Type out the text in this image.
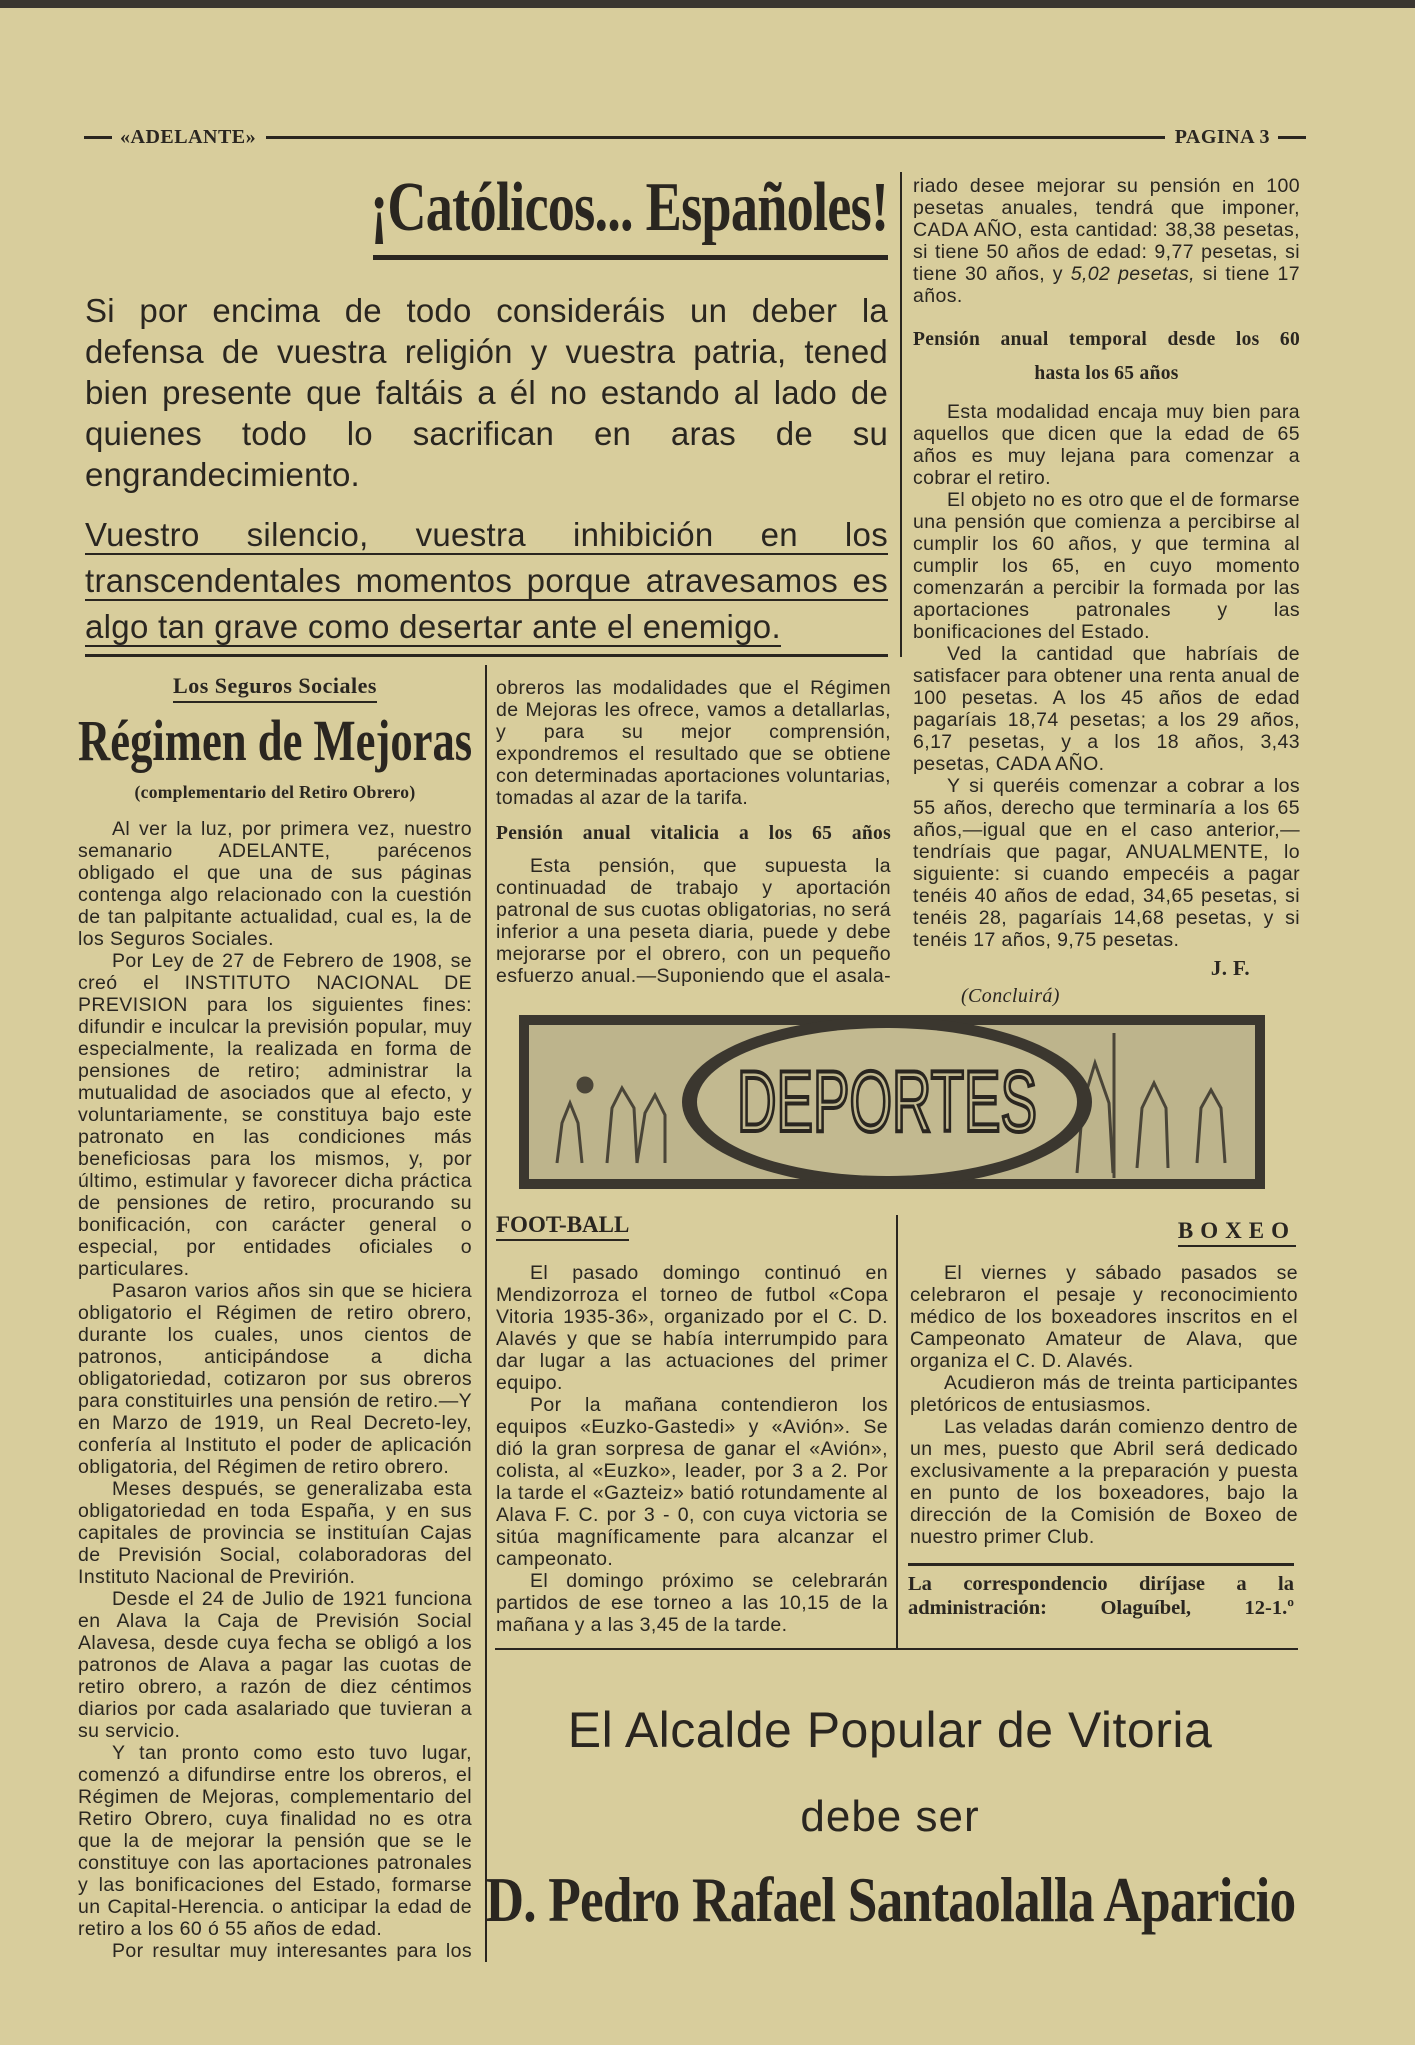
«ADELANTE»	PAGINA 3
¡Católicos... Españoles!
Si por encima de todo consideráis un deber la defensa de vuestra religión y vuestra patria, tened bien presente que faltáis a él no estando al lado de quienes todo lo sacrifican en aras de su engrandecimiento.
Vuestro silencio, vuestra inhibición en los transcendentales momentos porque atravesamos es algo tan grave como desertar ante el enemigo.
Los Seguros Sociales
Régimen de Mejoras
(complementario del Retiro Obrero)

Al ver la luz, por primera vez, nuestro semanario ADELANTE, parécenos obligado el que una de sus páginas contenga algo relacionado con la cuestión de tan palpitante actualidad, cual es, la de los Seguros Sociales.

Por Ley de 27 de Febrero de 1908, se creó el INSTITUTO NACIONAL DE PREVISION para los siguientes fines: difundir e inculcar la previsión popular, muy especialmente, la realizada en forma de pensiones de retiro; administrar la mutualidad de asociados que al efecto, y voluntariamente, se constituya bajo este patronato en las condiciones más beneficiosas para los mismos, y, por último, estimular y favorecer dicha práctica de pensiones de retiro, procurando su bonificación, con carácter general o especial, por entidades oficiales o particulares.

Pasaron varios años sin que se hiciera obligatorio el Régimen de retiro obrero, durante los cuales, unos cientos de patronos, anticipándose a dicha obligatoriedad, cotizaron por sus obreros para constituirles una pensión de retiro.—Y en Marzo de 1919, un Real Decreto-ley, confería al Instituto el poder de aplicación obligatoria, del Régimen de retiro obrero.

Meses después, se generalizaba esta obligatoriedad en toda España, y en sus capitales de provincia se instituían Cajas de Previsión Social, colaboradoras del Instituto Nacional de Previrión.

Desde el 24 de Julio de 1921 funciona en Alava la Caja de Previsión Social Alavesa, desde cuya fecha se obligó a los patronos de Alava a pagar las cuotas de retiro obrero, a razón de diez céntimos diarios por cada asalariado que tuvieran a su servicio.

Y tan pronto como esto tuvo lugar, comenzó a difundirse entre los obreros, el Régimen de Mejoras, complementario del Retiro Obrero, cuya finalidad no es otra que la de mejorar la pensión que se le constituye con las aportaciones patronales y las bonificaciones del Estado, formarse un Capital-Herencia. o anticipar la edad de retiro a los 60 ó 55 años de edad.

Por resultar muy interesantes para los

obreros las modalidades que el Régimen de Mejoras les ofrece, vamos a detallarlas, y para su mejor comprensión, expondremos el resultado que se obtiene con determinadas aportaciones voluntarias, tomadas al azar de la tarifa.

Pensión anual vitalicia a los 65 años

Esta pensión, que supuesta la continuadad de trabajo y aportación patronal de sus cuotas obligatorias, no será inferior a una peseta diaria, puede y debe mejorarse por el obrero, con un pequeño esfuerzo anual.—Suponiendo que el asala-

riado desee mejorar su pensión en 100 pesetas anuales, tendrá que imponer, CADA AÑO, esta cantidad: 38,38 pesetas, si tiene 50 años de edad: 9,77 pesetas, si tiene 30 años, y 5,02 pesetas, si tiene 17 años.

Pensión anual temporal desde los 60
hasta los 65 años

Esta modalidad encaja muy bien para aquellos que dicen que la edad de 65 años es muy lejana para comenzar a cobrar el retiro.

El objeto no es otro que el de formarse una pensión que comienza a percibirse al cumplir los 60 años, y que termina al cumplir los 65, en cuyo momento comenzarán a percibir la formada por las aportaciones patronales y las bonificaciones del Estado.

Ved la cantidad que habríais de satisfacer para obtener una renta anual de 100 pesetas. A los 45 años de edad pagaríais 18,74 pesetas; a los 29 años, 6,17 pesetas, y a los 18 años, 3,43 pesetas, CADA AÑO.

Y si queréis comenzar a cobrar a los 55 años, derecho que terminaría a los 65 años,—igual que en el caso anterior,—tendríais que pagar, ANUALMENTE, lo siguiente: si cuando empecéis a pagar tenéis 40 años de edad, 34,65 pesetas, si tenéis 28, pagaríais 14,68 pesetas, y si tenéis 17 años, 9,75 pesetas.

J. F.
(Concluirá)
DEPORTES
FOOT-BALL

El pasado domingo continuó en Mendizorroza el torneo de futbol «Copa Vitoria 1935-36», organizado por el C. D. Alavés y que se había interrumpido para dar lugar a las actuaciones del primer equipo.

Por la mañana contendieron los equipos «Euzko-Gastedi» y «Avión». Se dió la gran sorpresa de ganar el «Avión», colista, al «Euzko», leader, por 3 a 2. Por la tarde el «Gazteiz» batió rotundamente al Alava F. C. por 3 - 0, con cuya victoria se sitúa magníficamente para alcanzar el campeonato.

El domingo próximo se celebrarán partidos de ese torneo a las 10,15 de la mañana y a las 3,45 de la tarde.

BOXEO

El viernes y sábado pasados se celebraron el pesaje y reconocimiento médico de los boxeadores inscritos en el Campeonato Amateur de Alava, que organiza el C. D. Alavés.

Acudieron más de treinta participantes pletóricos de entusiasmos.

Las veladas darán comienzo dentro de un mes, puesto que Abril será dedicado exclusivamente a la preparación y puesta en punto de los boxeadores, bajo la dirección de la Comisión de Boxeo de nuestro primer Club.

La correspondencio diríjase a la administración: Olaguíbel, 12-1.º
El Alcalde Popular de Vitoria
debe ser
D. Pedro Rafael Santaolalla Aparicio
